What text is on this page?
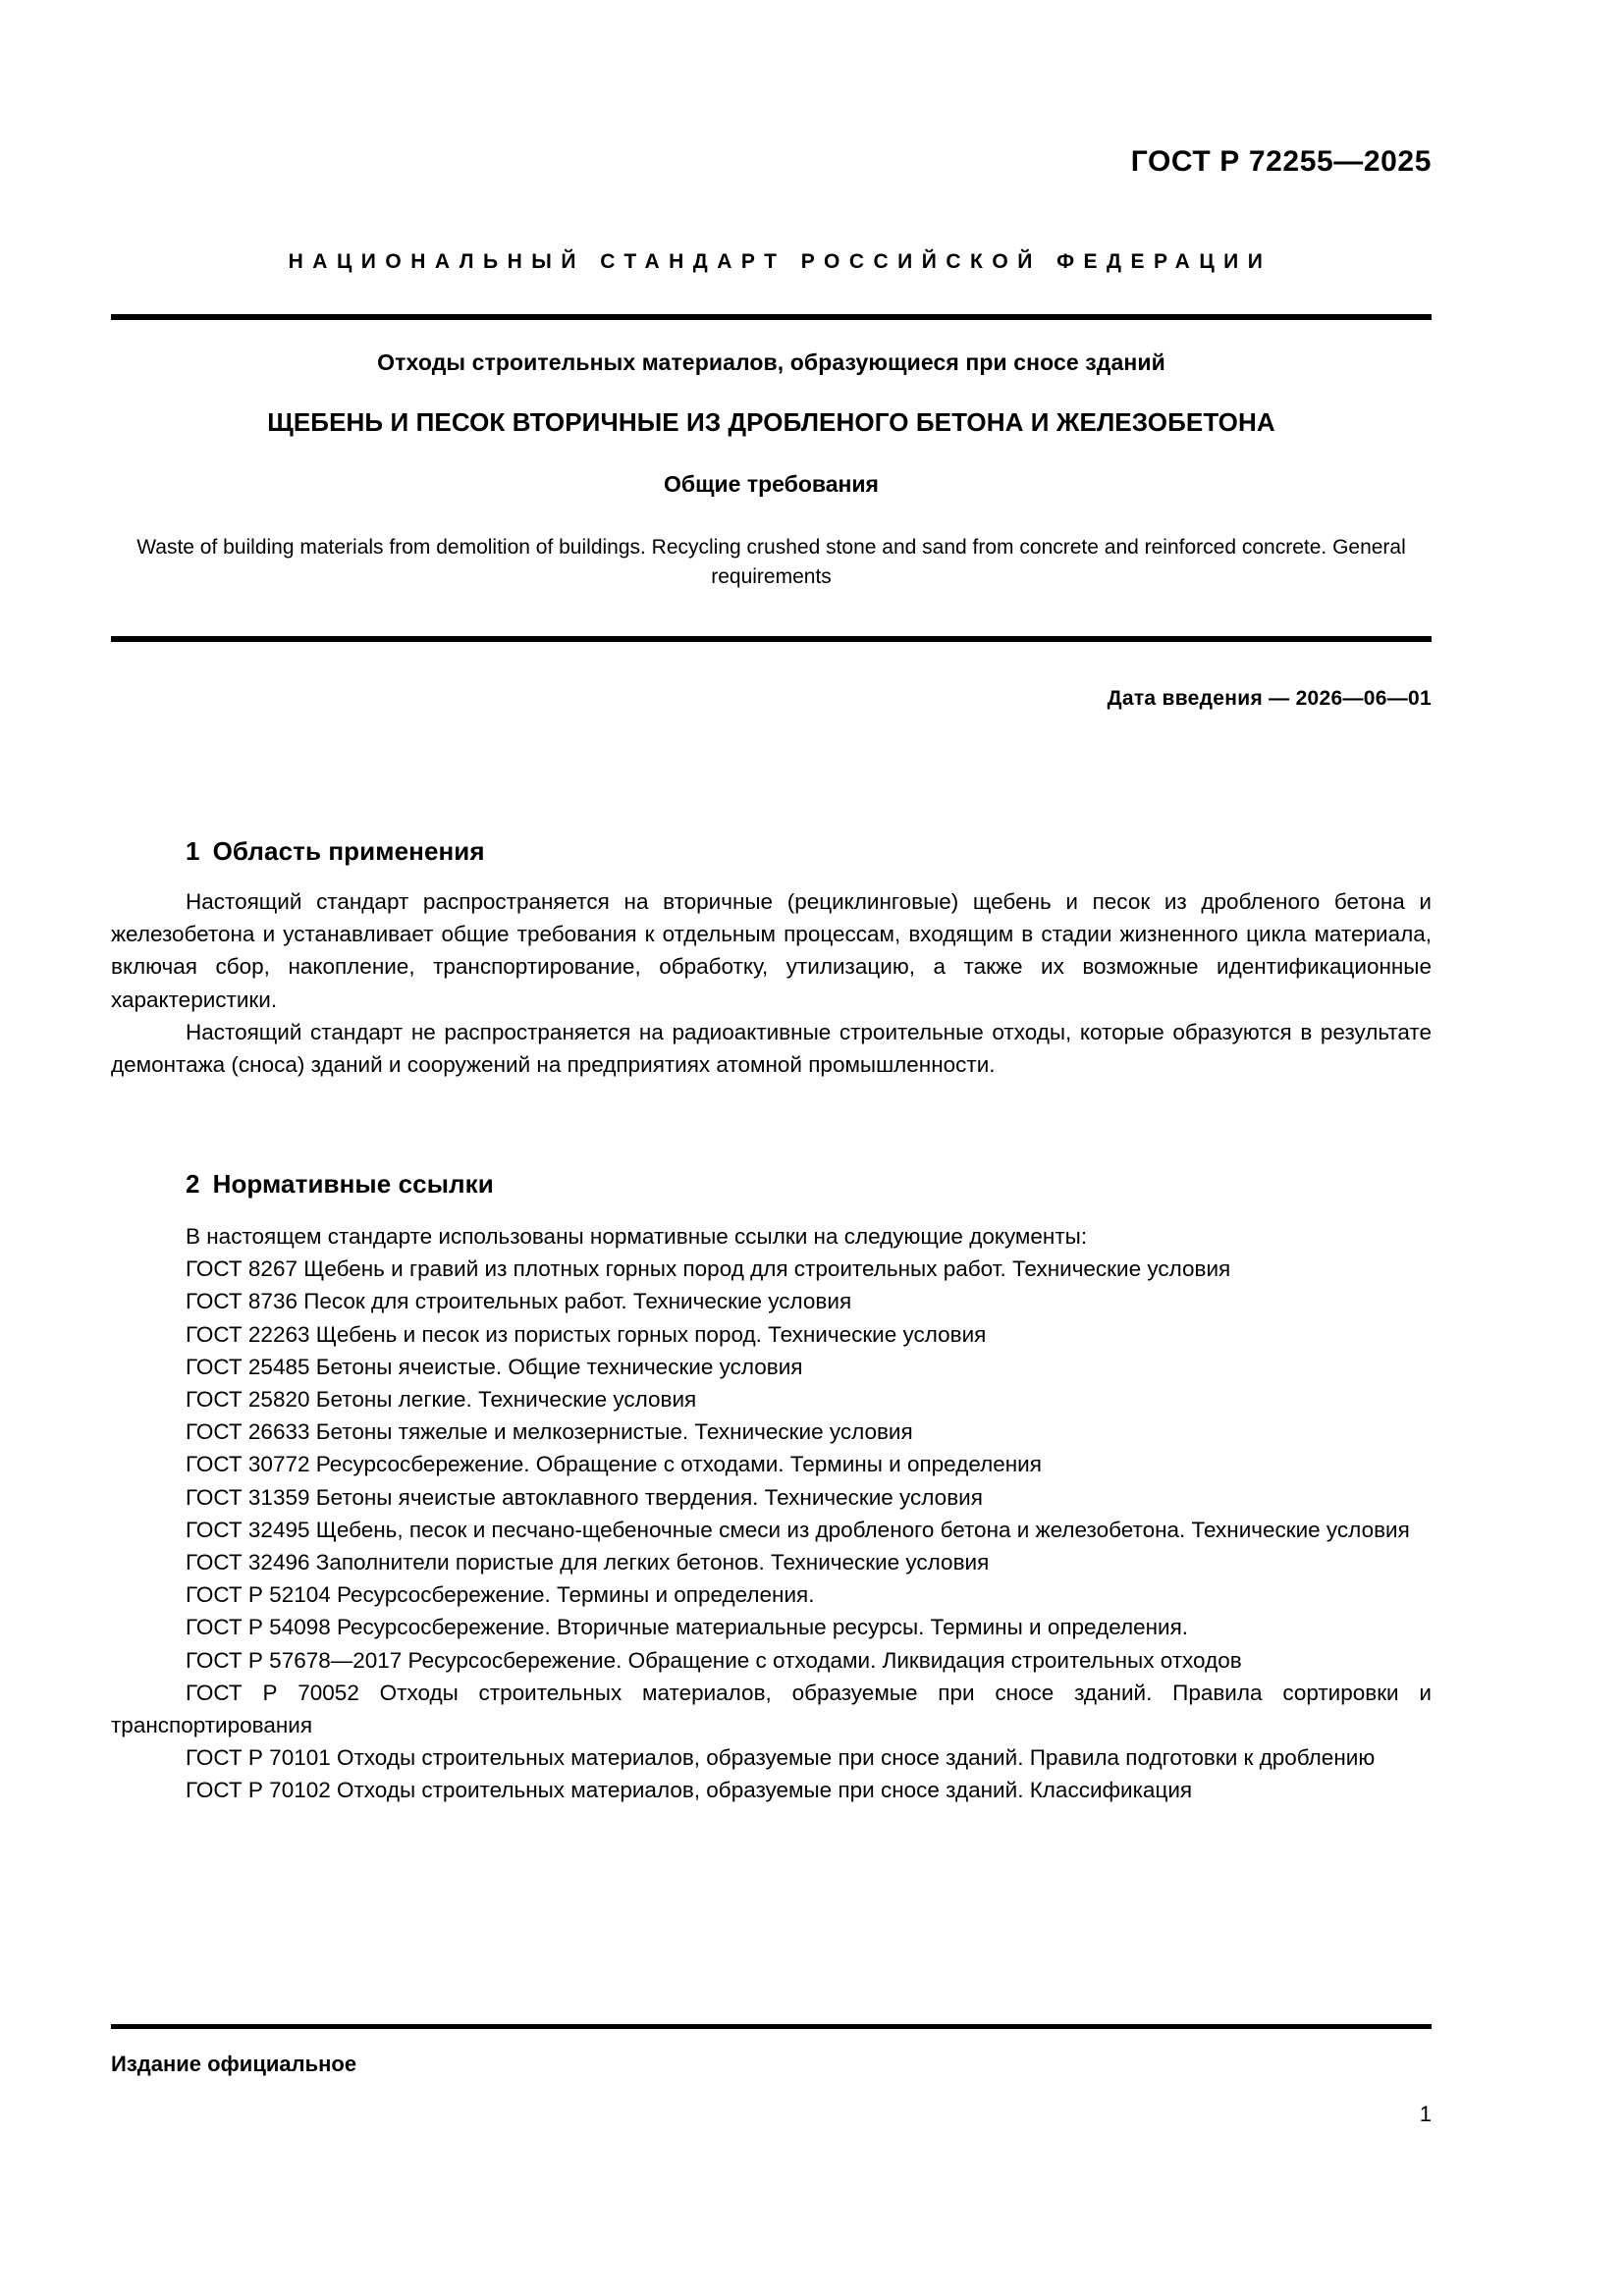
ГОСТ Р 72255—2025
НАЦИОНАЛЬНЫЙ СТАНДАРТ РОССИЙСКОЙ ФЕДЕРАЦИИ
Отходы строительных материалов, образующиеся при сносе зданий
ЩЕБЕНЬ И ПЕСОК ВТОРИЧНЫЕ ИЗ ДРОБЛЕНОГО БЕТОНА И ЖЕЛЕЗОБЕТОНА
Общие требования
Waste of building materials from demolition of buildings. Recycling crushed stone and sand from concrete and reinforced concrete. General requirements
Дата введения — 2026—06—01
1 Область применения

Настоящий стандарт распространяется на вторичные (рециклинговые) щебень и песок из дробленого бетона и железобетона и устанавливает общие требования к отдельным процессам, входящим в стадии жизненного цикла материала, включая сбор, накопление, транспортирование, обработку, утилизацию, а также их возможные идентификационные характеристики.

Настоящий стандарт не распространяется на радиоактивные строительные отходы, которые образуются в результате демонтажа (сноса) зданий и сооружений на предприятиях атомной промышленности.

2 Нормативные ссылки
В настоящем стандарте использованы нормативные ссылки на следующие документы:
ГОСТ 8267 Щебень и гравий из плотных горных пород для строительных работ. Технические условия
ГОСТ 8736 Песок для строительных работ. Технические условия
ГОСТ 22263 Щебень и песок из пористых горных пород. Технические условия
ГОСТ 25485 Бетоны ячеистые. Общие технические условия
ГОСТ 25820 Бетоны легкие. Технические условия
ГОСТ 26633 Бетоны тяжелые и мелкозернистые. Технические условия
ГОСТ 30772 Ресурсосбережение. Обращение с отходами. Термины и определения
ГОСТ 31359 Бетоны ячеистые автоклавного твердения. Технические условия
ГОСТ 32495 Щебень, песок и песчано-щебеночные смеси из дробленого бетона и железобетона. Технические условия
ГОСТ 32496 Заполнители пористые для легких бетонов. Технические условия
ГОСТ Р 52104 Ресурсосбережение. Термины и определения.
ГОСТ Р 54098 Ресурсосбережение. Вторичные материальные ресурсы. Термины и определения.
ГОСТ Р 57678—2017 Ресурсосбережение. Обращение с отходами. Ликвидация строительных отходов
ГОСТ Р 70052 Отходы строительных материалов, образуемые при сносе зданий. Правила сортировки и транспортирования
ГОСТ Р 70101 Отходы строительных материалов, образуемые при сносе зданий. Правила подготовки к дроблению
ГОСТ Р 70102 Отходы строительных материалов, образуемые при сносе зданий. Классификация
Издание официальное
1
